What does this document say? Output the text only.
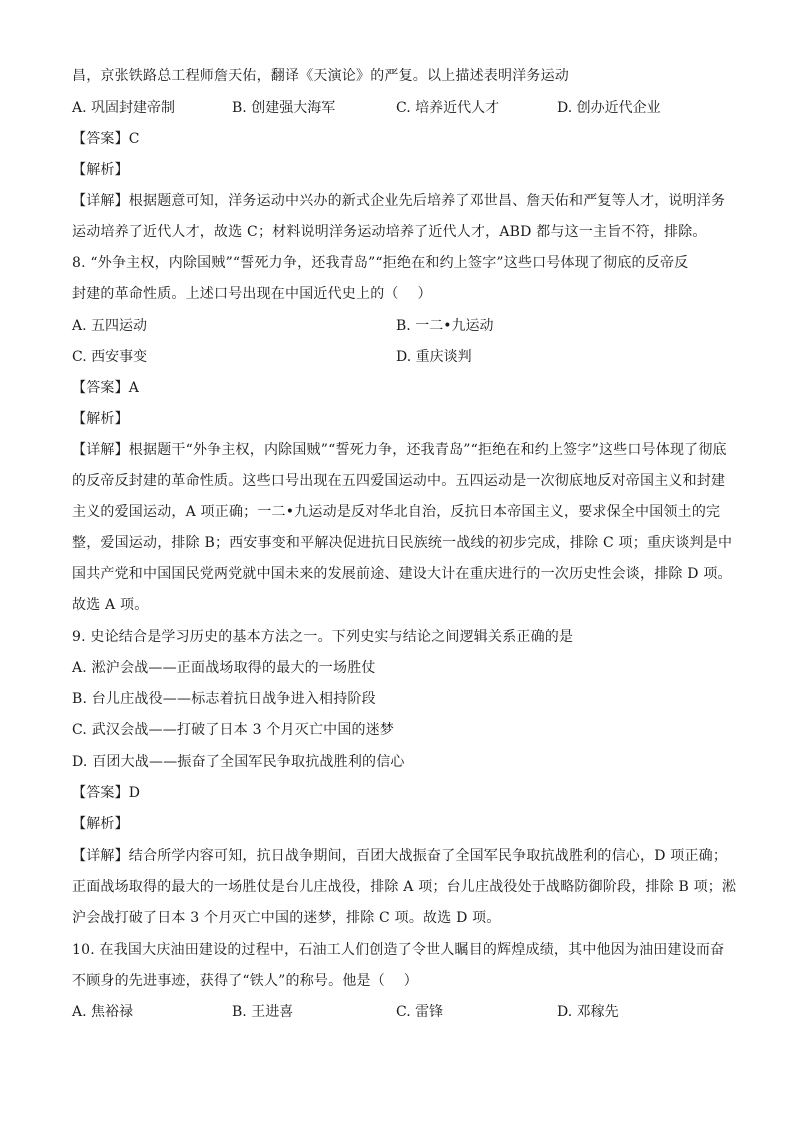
昌，京张铁路总工程师詹天佑，翻译《天演论》的严复。以上描述表明洋务运动
A. 巩固封建帝制	B. 创建强大海军	C. 培养近代人才	D. 创办近代企业
【答案】C
【解析】
【详解】根据题意可知，洋务运动中兴办的新式企业先后培养了邓世昌、詹天佑和严复等人才，说明洋务
运动培养了近代人才，故选 C；材料说明洋务运动培养了近代人才，ABD 都与这一主旨不符，排除。
8. “外争主权，内除国贼”“誓死力争，还我青岛”“拒绝在和约上签字”这些口号体现了彻底的反帝反
封建的革命性质。上述口号出现在中国近代史上的（　 ）
A. 五四运动	B. 一二•九运动
C. 西安事变	D. 重庆谈判
【答案】A
【解析】
【详解】根据题干“外争主权，内除国贼”“誓死力争，还我青岛”“拒绝在和约上签字”这些口号体现了彻底
的反帝反封建的革命性质。这些口号出现在五四爱国运动中。五四运动是一次彻底地反对帝国主义和封建
主义的爱国运动，A 项正确；一二•九运动是反对华北自治，反抗日本帝国主义，要求保全中国领土的完
整，爱国运动，排除 B；西安事变和平解决促进抗日民族统一战线的初步完成，排除 C 项；重庆谈判是中
国共产党和中国国民党两党就中国未来的发展前途、建设大计在重庆进行的一次历史性会谈，排除 D 项。
故选 A 项。
9. 史论结合是学习历史的基本方法之一。下列史实与结论之间逻辑关系正确的是
A. 淞沪会战——正面战场取得的最大的一场胜仗
B. 台儿庄战役——标志着抗日战争进入相持阶段
C. 武汉会战——打破了日本 3 个月灭亡中国的迷梦
D. 百团大战——振奋了全国军民争取抗战胜利的信心
【答案】D
【解析】
【详解】结合所学内容可知，抗日战争期间，百团大战振奋了全国军民争取抗战胜利的信心，D 项正确；
正面战场取得的最大的一场胜仗是台儿庄战役，排除 A 项；台儿庄战役处于战略防御阶段，排除 B 项；淞
沪会战打破了日本 3 个月灭亡中国的迷梦，排除 C 项。故选 D 项。
10. 在我国大庆油田建设的过程中，石油工人们创造了令世人瞩目的辉煌成绩，其中他因为油田建设而奋
不顾身的先进事迹，获得了“铁人”的称号。他是（　 ）
A. 焦裕禄	B. 王进喜	C. 雷锋	D. 邓稼先
